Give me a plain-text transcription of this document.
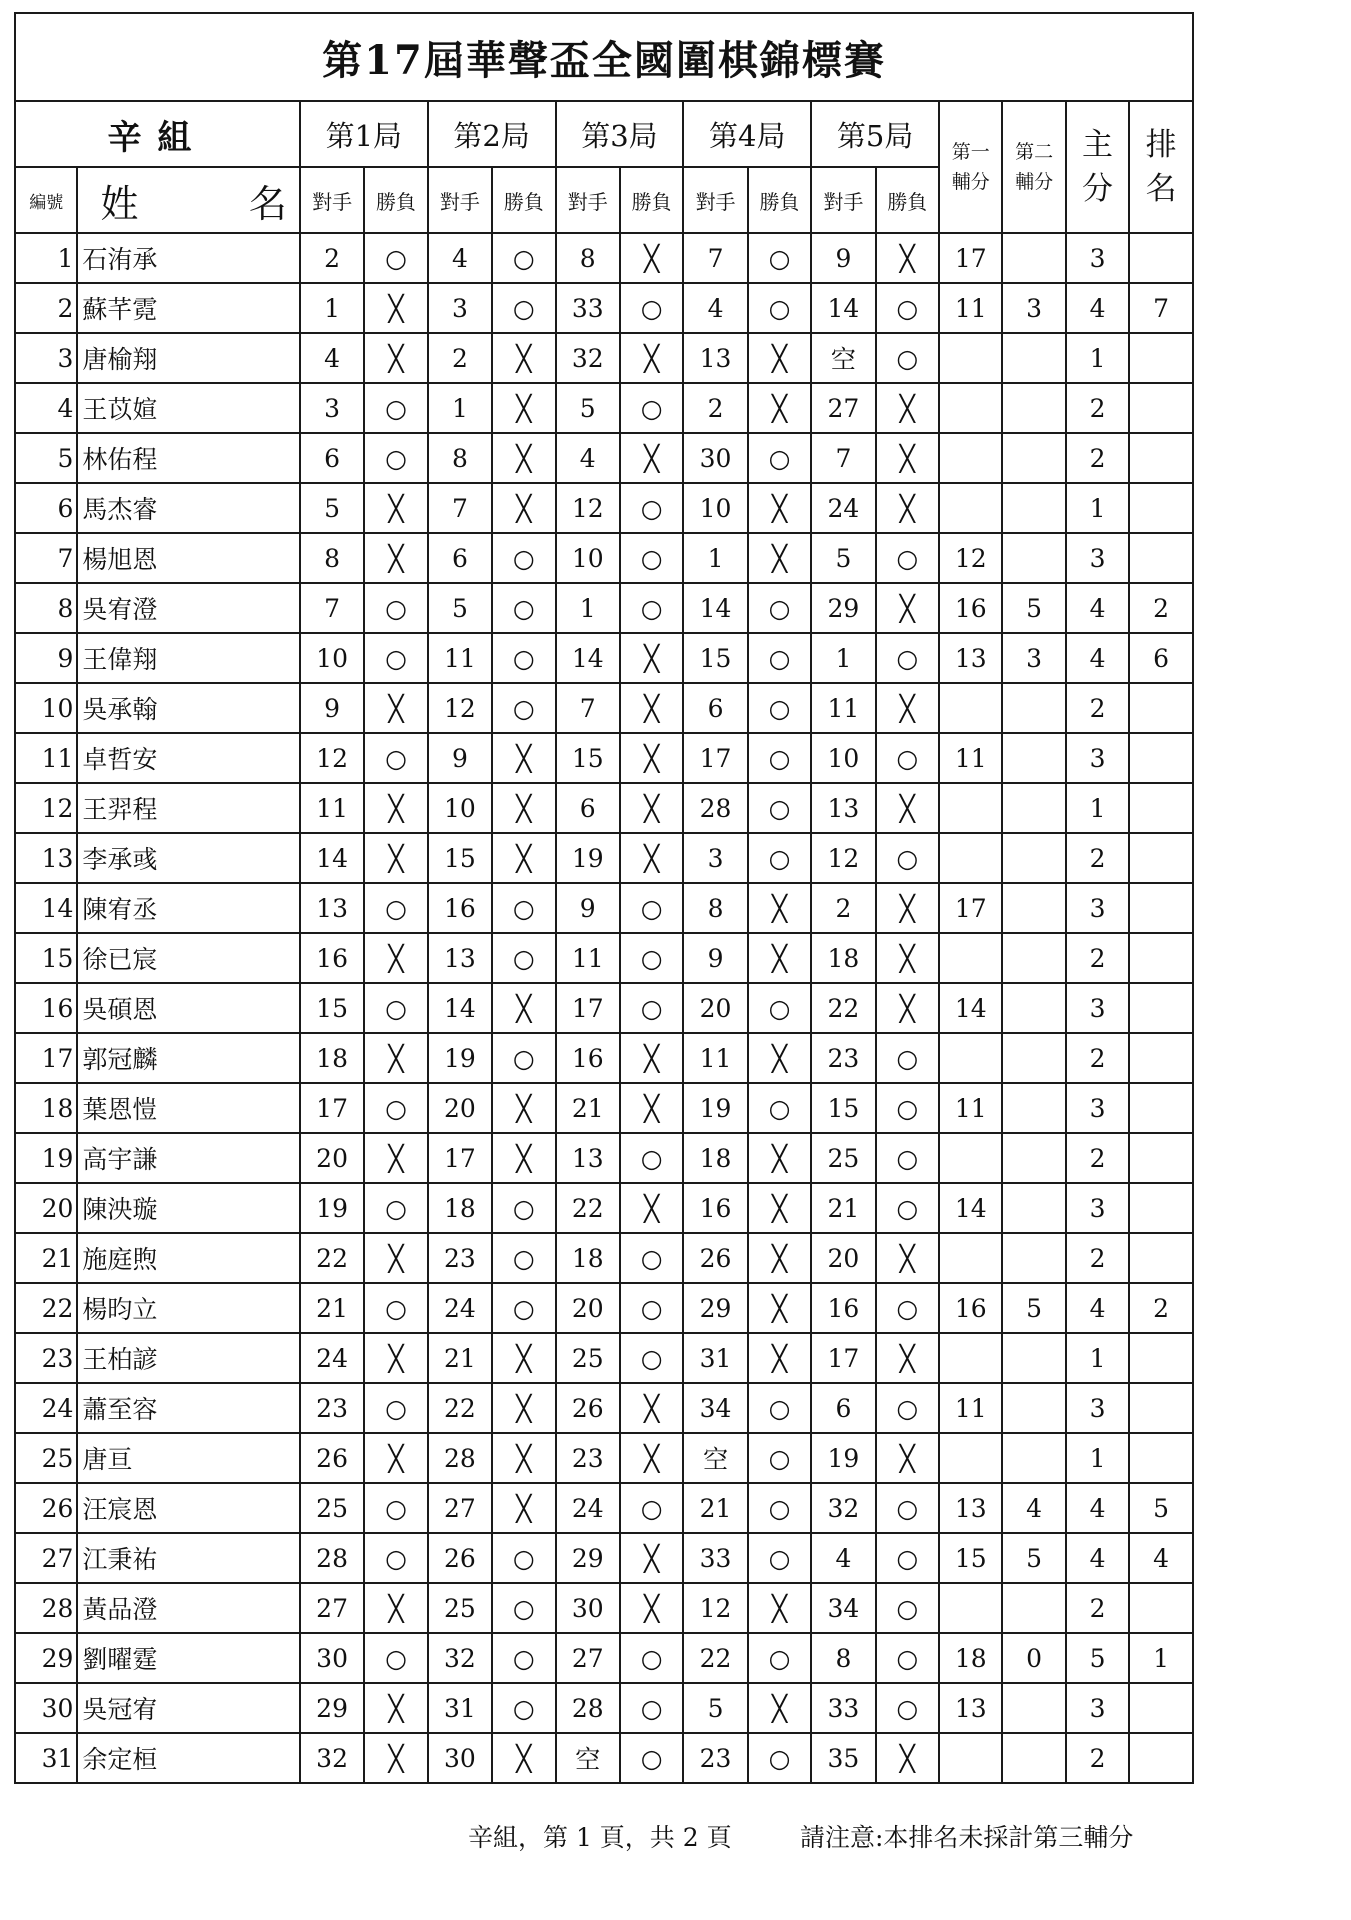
第17屆華聲盃全國圍棋錦標賽															
辛組		第1局		第2局		第3局		第4局		第5局		第一 輔分	第二 輔分	主 分	排 名
編號	姓 名	對手	勝負	對手	勝負	對手	勝負	對手	勝負	對手	勝負				
1	石洧承	2	○	4	○	8	╳	7	○	9	╳	17		3	
2	蘇芊霓	1	╳	3	○	33	○	4	○	14	○	11	3	4	7
3	唐榆翔	4	╳	2	╳	32	╳	13	╳	空	○			1	
4	王苡媗	3	○	1	╳	5	○	2	╳	27	╳			2	
5	林佑程	6	○	8	╳	4	╳	30	○	7	╳			2	
6	馬杰睿	5	╳	7	╳	12	○	10	╳	24	╳			1	
7	楊旭恩	8	╳	6	○	10	○	1	╳	5	○	12		3	
8	吳宥澄	7	○	5	○	1	○	14	○	29	╳	16	5	4	2
9	王偉翔	10	○	11	○	14	╳	15	○	1	○	13	3	4	6
10	吳承翰	9	╳	12	○	7	╳	6	○	11	╳			2	
11	卓哲安	12	○	9	╳	15	╳	17	○	10	○	11		3	
12	王羿程	11	╳	10	╳	6	╳	28	○	13	╳			1	
13	李承彧	14	╳	15	╳	19	╳	3	○	12	○			2	
14	陳宥丞	13	○	16	○	9	○	8	╳	2	╳	17		3	
15	徐已宸	16	╳	13	○	11	○	9	╳	18	╳			2	
16	吳碩恩	15	○	14	╳	17	○	20	○	22	╳	14		3	
17	郭冠麟	18	╳	19	○	16	╳	11	╳	23	○			2	
18	葉恩愷	17	○	20	╳	21	╳	19	○	15	○	11		3	
19	高宇謙	20	╳	17	╳	13	○	18	╳	25	○			2	
20	陳泱璇	19	○	18	○	22	╳	16	╳	21	○	14		3	
21	施庭煦	22	╳	23	○	18	○	26	╳	20	╳			2	
22	楊昀立	21	○	24	○	20	○	29	╳	16	○	16	5	4	2
23	王柏諺	24	╳	21	╳	25	○	31	╳	17	╳			1	
24	蕭至容	23	○	22	╳	26	╳	34	○	6	○	11		3	
25	唐亘	26	╳	28	╳	23	╳	空	○	19	╳			1	
26	汪宸恩	25	○	27	╳	24	○	21	○	32	○	13	4	4	5
27	江秉祐	28	○	26	○	29	╳	33	○	4	○	15	5	4	4
28	黃品澄	27	╳	25	○	30	╳	12	╳	34	○			2	
29	劉曜霆	30	○	32	○	27	○	22	○	8	○	18	0	5	1
30	吳冠宥	29	╳	31	○	28	○	5	╳	33	○	13		3	
31	余定桓	32	╳	30	╳	空	○	23	○	35	╳			2	
辛組，第 1 頁，共 2 頁	請注意:本排名未採計第三輔分
